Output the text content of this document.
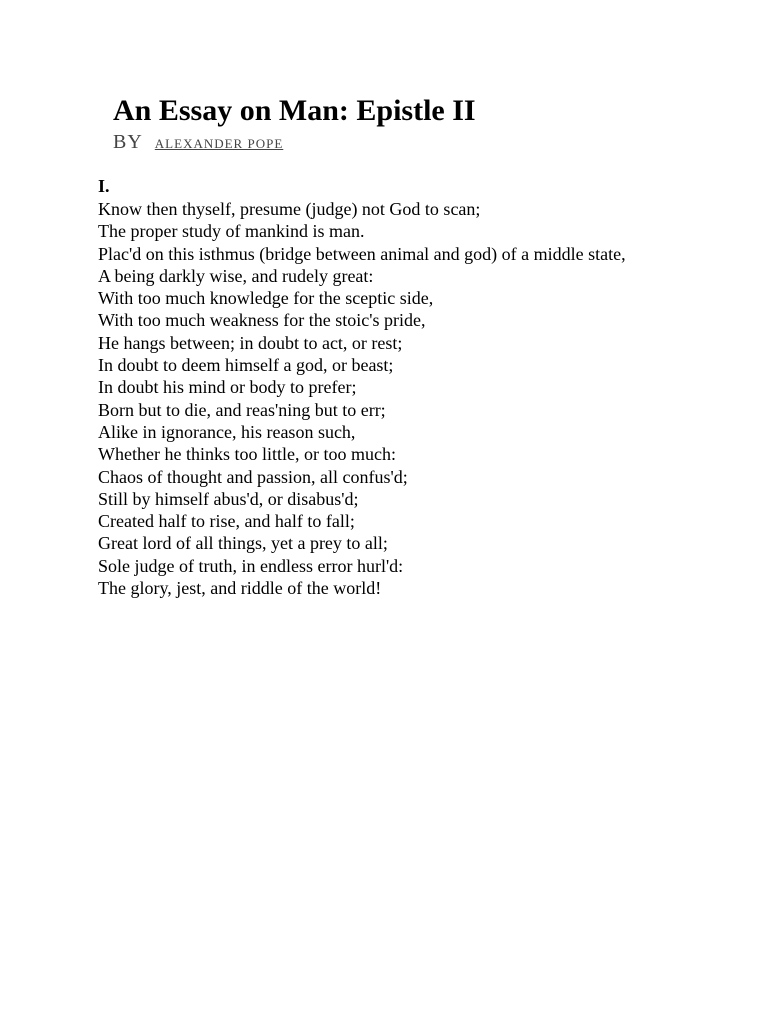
An Essay on Man: Epistle II
BY ALEXANDER POPE
I.
Know then thyself, presume (judge) not God to scan;
The proper study of mankind is man.
Plac'd on this isthmus (bridge between animal and god) of a middle state,
A being darkly wise, and rudely great:
With too much knowledge for the sceptic side,
With too much weakness for the stoic's pride,
He hangs between; in doubt to act, or rest;
In doubt to deem himself a god, or beast;
In doubt his mind or body to prefer;
Born but to die, and reas'ning but to err;
Alike in ignorance, his reason such,
Whether he thinks too little, or too much:
Chaos of thought and passion, all confus'd;
Still by himself abus'd, or disabus'd;
Created half to rise, and half to fall;
Great lord of all things, yet a prey to all;
Sole judge of truth, in endless error hurl'd:
The glory, jest, and riddle of the world!
